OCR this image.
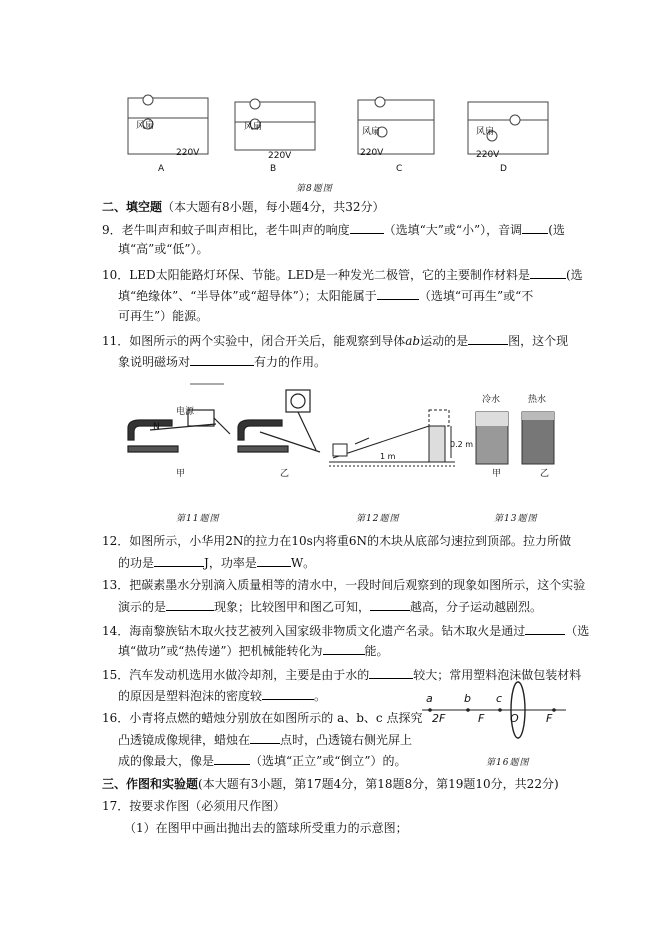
风扇
220V
风扇
220V
风扇
220V
风扇
220V
A	B	C	D
第8题图
二、填空题（本大题有8小题，每小题4分，共32分）
9．老牛叫声和蚊子叫声相比，老牛叫声的响度	（选填“大”或“小”），音调 (选
填“高”或“低”）。
10．LED太阳能路灯环保、节能。LED是一种发光二极管，它的主要制作材料是	(选
填“绝缘体”、“半导体”或“超导体”）；太阳能属于	（选填“可再生”或“不
可再生”）能源。
11．如图所示的两个实验中，闭合开关后，能观察到导体ab运动的是	图，这个现
象说明磁场对	有力的作用。
N
电源
甲	乙
0.2 m
1 m
冷水	热水
甲	乙
第11题图	第12题图	第13题图
12．如图所示，小华用2N的拉力在10s内将重6N的木块从底部匀速拉到顶部。拉力所做
的功是	J，功率是	W。
13．把碳素墨水分别滴入质量相等的清水中，一段时间后观察到的现象如图所示，这个实验
演示的是	现象；比较图甲和图乙可知，	越高，分子运动越剧烈。
14．海南黎族钻木取火技艺被列入国家级非物质文化遗产名录。钻木取火是通过	（选
填“做功”或“热传递”）把机械能转化为	能。
15．汽车发动机选用水做冷却剂，主要是由于水的	较大；常用塑料泡沫做包装材料
的原因是塑料泡沫的密度较	。
16．小青将点燃的蜡烛分别放在如图所示的 a、b、c 点探究
凸透镜成像规律，蜡烛在	点时，凸透镜右侧光屏上
成的像最大，像是	（选填“正立”或“倒立”）的。
a	b c
2F	F O F
第16题图
三、作图和实验题(本大题有3小题，第17题4分，第18题8分，第19题10分，共22分)
17．按要求作图（必须用尺作图）
（1）在图甲中画出抛出去的篮球所受重力的示意图；
